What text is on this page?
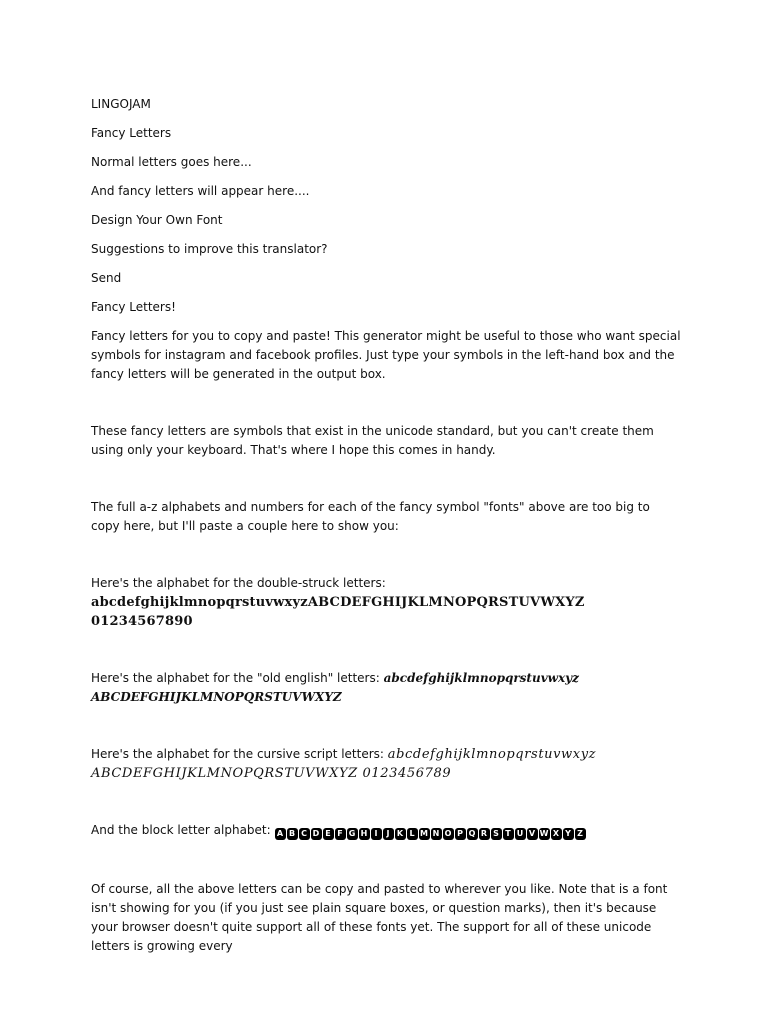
LINGOJAM

Fancy Letters

Normal letters goes here...

And fancy letters will appear here....

Design Your Own Font

Suggestions to improve this translator?

Send

Fancy Letters!

Fancy letters for you to copy and paste! This generator might be useful to those who want special symbols for instagram and facebook profiles. Just type your symbols in the left-hand box and the fancy letters will be generated in the output box.

These fancy letters are symbols that exist in the unicode standard, but you can't create them using only your keyboard. That's where I hope this comes in handy.

The full a-z alphabets and numbers for each of the fancy symbol "fonts" above are too big to copy here, but I'll paste a couple here to show you:

Here's the alphabet for the double-struck letters: abcdefghijklmnopqrstuvwxyzABCDEFGHIJKLMNOPQRSTUVWXYZ 01234567890

Here's the alphabet for the "old english" letters: abcdefghijklmnopqrstuvwxyz ABCDEFGHIJKLMNOPQRSTUVWXYZ

Here's the alphabet for the cursive script letters: abcdefghijklmnopqrstuvwxyz ABCDEFGHIJKLMNOPQRSTUVWXYZ 0123456789

And the block letter alphabet: A B C D E F G H I J K L M N O P Q R S T U V W X Y Z

Of course, all the above letters can be copy and pasted to wherever you like. Note that is a font isn't showing for you (if you just see plain square boxes, or question marks), then it's because your browser doesn't quite support all of these fonts yet. The support for all of these unicode letters is growing every
